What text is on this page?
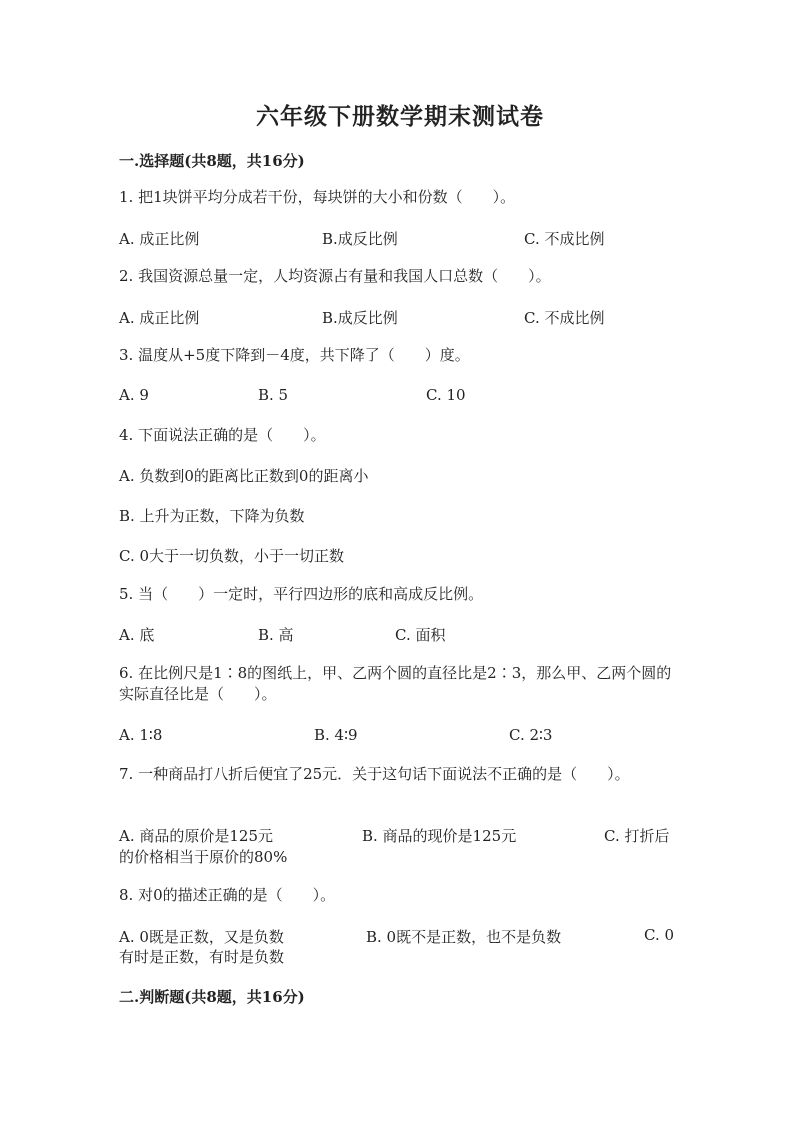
六年级下册数学期末测试卷
一.选择题(共8题，共16分)
1. 把1块饼平均分成若干份，每块饼的大小和份数（　　）。
A. 成正比例	B.成反比例	C. 不成比例
2. 我国资源总量一定，人均资源占有量和我国人口总数（　　）。
A. 成正比例	B.成反比例	C. 不成比例
3. 温度从+5度下降到－4度，共下降了（　　）度。
A. 9	B. 5	C. 10
4. 下面说法正确的是（　　）。
A. 负数到0的距离比正数到0的距离小
B. 上升为正数，下降为负数
C. 0大于一切负数，小于一切正数
5. 当（　　）一定时，平行四边形的底和高成反比例。
A. 底	B. 高	C. 面积
6. 在比例尺是1∶8的图纸上，甲、乙两个圆的直径比是2∶3，那么甲、乙两个圆的实际直径比是（　　）。
A. 1∶8	B. 4∶9	C. 2∶3
7. 一种商品打八折后便宜了25元．关于这句话下面说法不正确的是（　　）。
A. 商品的原价是125元	B. 商品的现价是125元	C. 打折后
的价格相当于原价的80%
8. 对0的描述正确的是（　　）。
A. 0既是正数，又是负数	B. 0既不是正数，也不是负数	C. 0
有时是正数，有时是负数
二.判断题(共8题，共16分)
